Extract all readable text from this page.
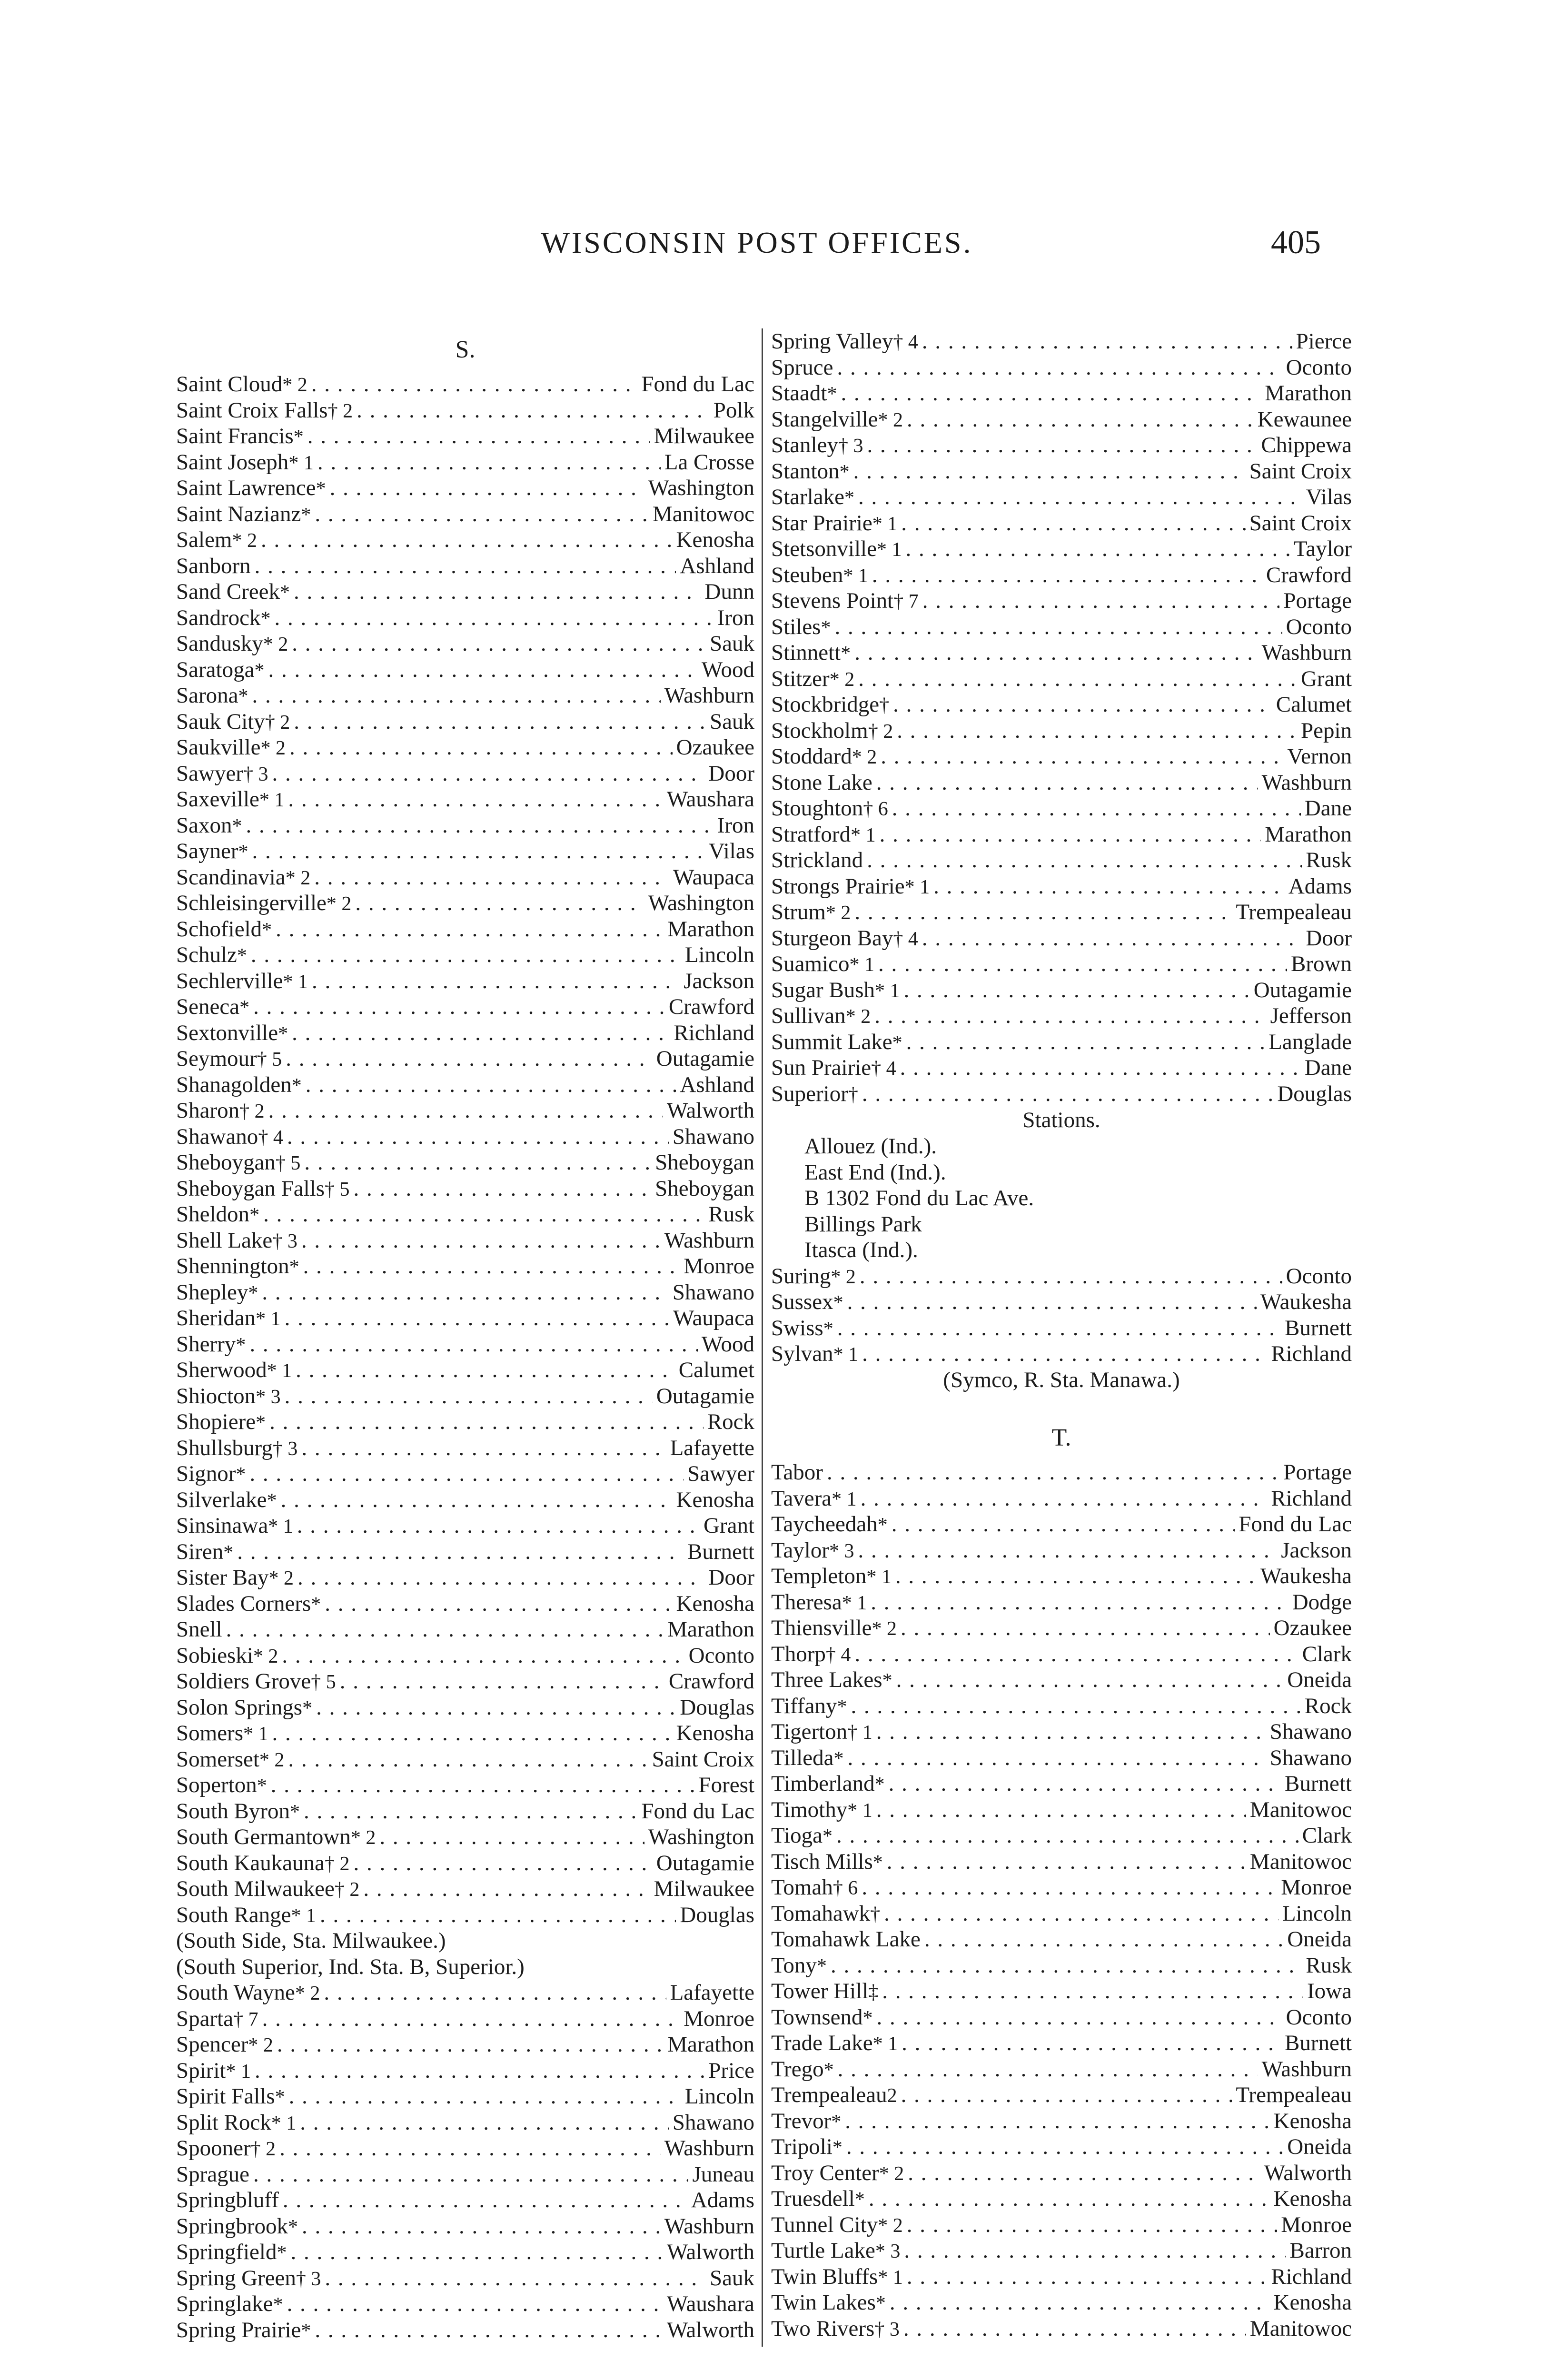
WISCONSIN POST OFFICES.	405
S.
Saint Cloud * 2 . . .	Fond du Lac
Saint Croix Falls † 2 . . .	Polk
Saint Francis * . . .	Milwaukee
Saint Joseph * 1 . . .	La Crosse
Saint Lawrence * . . .	Washington
Saint Nazianz * . . .	Manitowoc
Salem * 2 . . .	Kenosha
Sanborn . . .	Ashland
Sand Creek * . . .	Dunn
Sandrock * . . .	Iron
Sandusky * 2 . . .	Sauk
Saratoga * . . .	Wood
Sarona * . . .	Washburn
Sauk City † 2 . . .	Sauk
Saukville * 2 . . .	Ozaukee
Sawyer † 3 . . .	Door
Saxeville * 1 . . .	Waushara
Saxon * . . .	Iron
Sayner * . . .	Vilas
Scandinavia * 2 . . .	Waupaca
Schleisingerville * 2 . . .	Washington
Schofield * . . .	Marathon
Schulz * . . .	Lincoln
Sechlerville * 1 . . .	Jackson
Seneca * . . .	Crawford
Sextonville * . . .	Richland
Seymour † 5 . . .	Outagamie
Shanagolden * . . .	Ashland
Sharon † 2 . . .	Walworth
Shawano † 4 . . .	Shawano
Sheboygan † 5 . . .	Sheboygan
Sheboygan Falls † 5 . . .	Sheboygan
Sheldon * . . .	Rusk
Shell Lake † 3 . . .	Washburn
Shennington * . . .	Monroe
Shepley * . . .	Shawano
Sheridan * 1 . . .	Waupaca
Sherry * . . .	Wood
Sherwood * 1 . . .	Calumet
Shiocton * 3 . . .	Outagamie
Shopiere * . . .	Rock
Shullsburg † 3 . . .	Lafayette
Signor * . . .	Sawyer
Silverlake * . . .	Kenosha
Sinsinawa * 1 . . .	Grant
Siren * . . .	Burnett
Sister Bay * 2 . . .	Door
Slades Corners * . . .	Kenosha
Snell . . .	Marathon
Sobieski * 2 . . .	Oconto
Soldiers Grove † 5 . . .	Crawford
Solon Springs * . . .	Douglas
Somers * 1 . . .	Kenosha
Somerset * 2 . . .	Saint Croix
Soperton * . . .	Forest
South Byron * . . .	Fond du Lac
South Germantown * 2 . . .	Washington
South Kaukauna † 2 . . .	Outagamie
South Milwaukee † 2 . . .	Milwaukee
South Range * 1 . . .	Douglas
(South Side, Sta. Milwaukee.)
(South Superior, Ind. Sta. B, Superior.)
South Wayne * 2 . . .	Lafayette
Sparta † 7 . . .	Monroe
Spencer * 2 . . .	Marathon
Spirit * 1 . . .	Price
Spirit Falls * . . .	Lincoln
Split Rock * 1 . . .	Shawano
Spooner † 2 . . .	Washburn
Sprague . . .	Juneau
Springbluff . . .	Adams
Springbrook * . . .	Washburn
Springfield * . . .	Walworth
Spring Green † 3 . . .	Sauk
Springlake * . . .	Waushara
Spring Prairie * . . .	Walworth
Spring Valley † 4 . . .	Pierce
Spruce . . .	Oconto
Staadt * . . .	Marathon
Stangelville * 2 . . .	Kewaunee
Stanley † 3 . . .	Chippewa
Stanton * . . .	Saint Croix
Starlake * . . .	Vilas
Star Prairie * 1 . . .	Saint Croix
Stetsonville * 1 . . .	Taylor
Steuben * 1 . . .	Crawford
Stevens Point † 7 . . .	Portage
Stiles * . . .	Oconto
Stinnett * . . .	Washburn
Stitzer * 2 . . .	Grant
Stockbridge † . . .	Calumet
Stockholm † 2 . . .	Pepin
Stoddard * 2 . . .	Vernon
Stone Lake . . .	Washburn
Stoughton † 6 . . .	Dane
Stratford * 1 . . .	Marathon
Strickland . . .	Rusk
Strongs Prairie * 1 . . .	Adams
Strum * 2 . . .	Trempealeau
Sturgeon Bay † 4 . . .	Door
Suamico * 1 . . .	Brown
Sugar Bush * 1 . . .	Outagamie
Sullivan * 2 . . .	Jefferson
Summit Lake * . . .	Langlade
Sun Prairie † 4 . . .	Dane
Superior † . . .	Douglas
Stations.
Allouez (Ind.).
East End (Ind.).
B 1302 Fond du Lac Ave.
Billings Park
Itasca (Ind.).
Suring * 2 . . .	Oconto
Sussex * . . .	Waukesha
Swiss * . . .	Burnett
Sylvan * 1 . . .	Richland
(Symco, R. Sta. Manawa.)
T.
Tabor . . .	Portage
Tavera * 1 . . .	Richland
Taycheedah * . . .	Fond du Lac
Taylor * 3 . . .	Jackson
Templeton * 1 . . .	Waukesha
Theresa * 1 . . .	Dodge
Thiensville * 2 . . .	Ozaukee
Thorp † 4 . . .	Clark
Three Lakes * . . .	Oneida
Tiffany * . . .	Rock
Tigerton † 1 . . .	Shawano
Tilleda * . . .	Shawano
Timberland * . . .	Burnett
Timothy * 1 . . .	Manitowoc
Tioga * . . .	Clark
Tisch Mills * . . .	Manitowoc
Tomah † 6 . . .	Monroe
Tomahawk † . . .	Lincoln
Tomahawk Lake . . .	Oneida
Tony * . . .	Rusk
Tower Hill ‡ . . .	Iowa
Townsend * . . .	Oconto
Trade Lake * 1 . . .	Burnett
Trego * . . .	Washburn
Trempealeau 2 . . .	Trempealeau
Trevor * . . .	Kenosha
Tripoli * . . .	Oneida
Troy Center * 2 . . .	Walworth
Truesdell * . . .	Kenosha
Tunnel City * 2 . . .	Monroe
Turtle Lake * 3 . . .	Barron
Twin Bluffs * 1 . . .	Richland
Twin Lakes * . . .	Kenosha
Two Rivers † 3 . . .	Manitowoc
